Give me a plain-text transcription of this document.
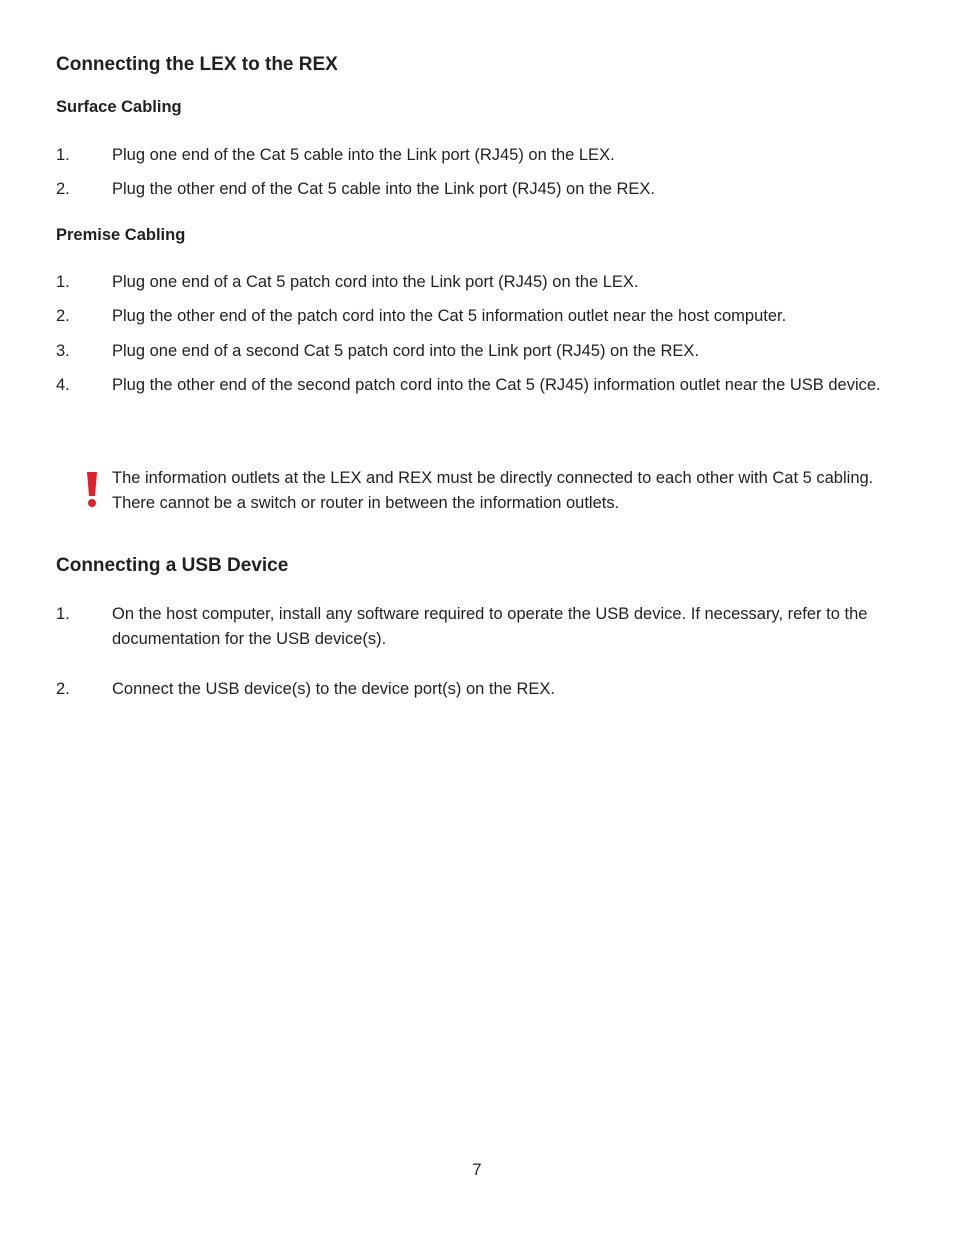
Connecting the LEX to the REX
Surface Cabling
1.	Plug one end of the Cat 5 cable into the Link port (RJ45) on the LEX.
2.	Plug the other end of the Cat 5 cable into the Link port (RJ45) on the REX.
Premise Cabling
1.	Plug one end of a Cat 5 patch cord into the Link port (RJ45) on the LEX.
2.	Plug the other end of the patch cord into the Cat 5 information outlet near the host computer.
3.	Plug one end of a second Cat 5 patch cord into the Link port (RJ45) on the REX.
4.	Plug the other end of the second patch cord into the Cat 5 (RJ45) information outlet near the USB device.
The information outlets at the LEX and REX must be directly connected to each other with Cat 5 cabling. There cannot be a switch or router in between the information outlets.
Connecting a USB Device
1.	On the host computer, install any software required to operate the USB device. If necessary, refer to the documentation for the USB device(s).
2.	Connect the USB device(s) to the device port(s) on the REX.
7
